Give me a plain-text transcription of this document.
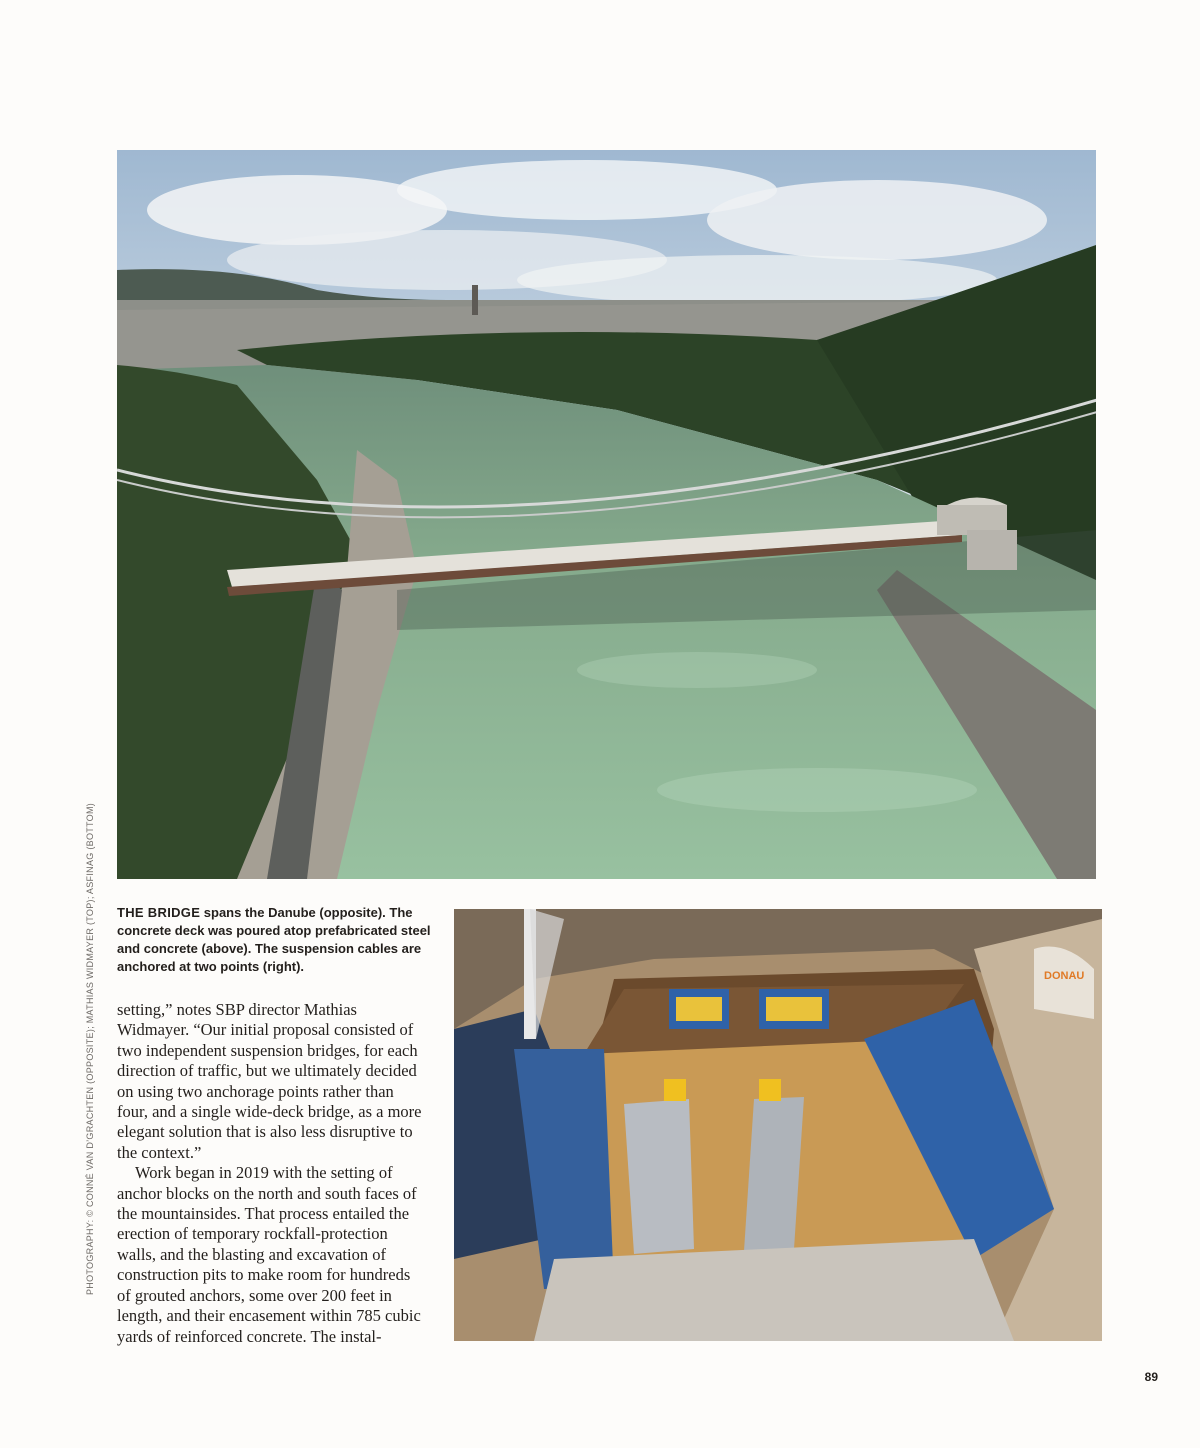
DONAU

THE BRIDGE spans the Danube (opposite). The concrete deck was poured atop prefabricated steel and concrete (above). The suspension cables are anchored at two points (right).

setting,” notes SBP director Mathias Widmayer. “Our initial proposal consisted of two independent suspension bridges, for each direction of traffic, but we ultimately decided on using two anchorage points rather than four, and a single wide-deck bridge, as a more elegant solution that is also less disruptive to the context.”

Work began in 2019 with the setting of anchor blocks on the north and south faces of the mountainsides. That process entailed the erection of temporary rockfall-protection walls, and the blasting and excavation of construction pits to make room for hundreds of grouted anchors, some over 200 feet in length, and their encasement within 785 cubic yards of reinforced concrete. The instal-

PHOTOGRAPHY: © CONNÉ VAN D’GRACHTEN (OPPOSITE); MATHIAS WIDMAYER (TOP); ASFINAG (BOTTOM)
89
